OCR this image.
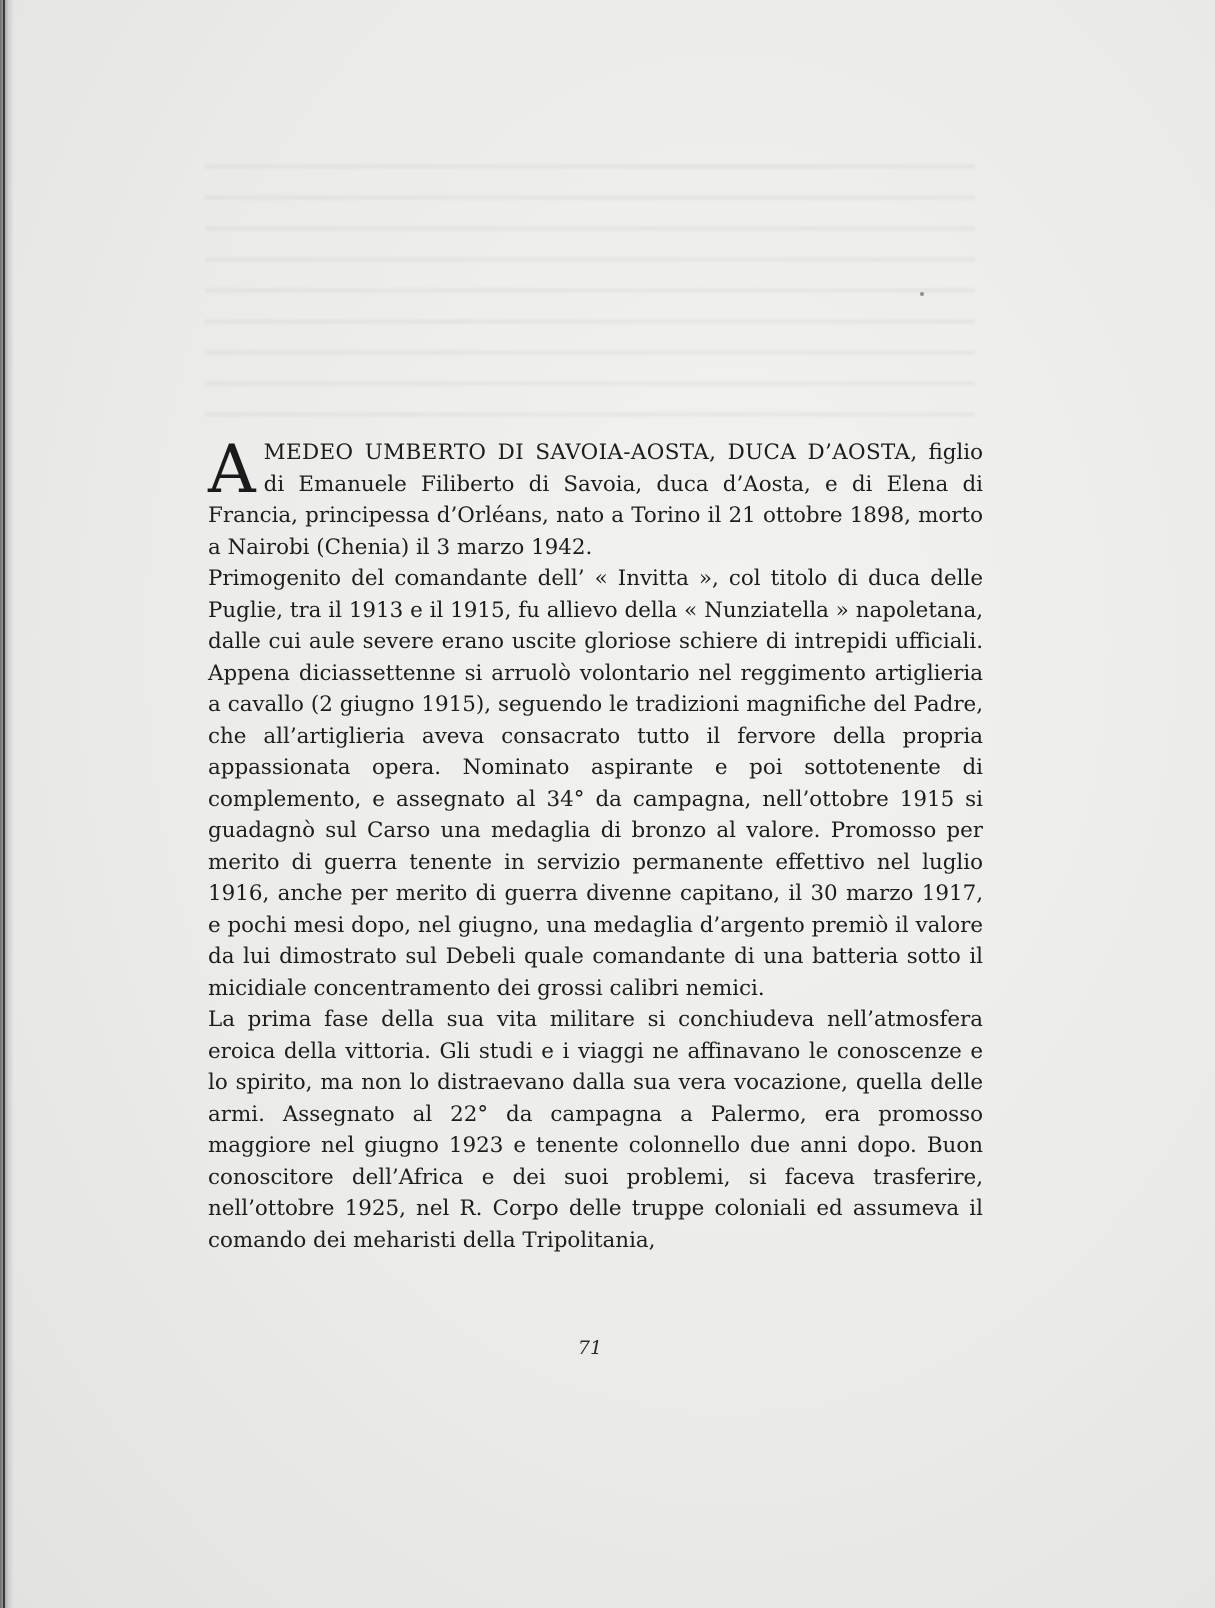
AMEDEO UMBERTO DI SAVOIA-AOSTA, DUCA D’AOSTA, figlio di Emanuele Filiberto di Savoia, duca d’Aosta, e di Elena di Francia, principessa d’Orléans, nato a Torino il 21 ottobre 1898, morto a Nairobi (Chenia) il 3 marzo 1942.

Primogenito del comandante dell’ « Invitta », col titolo di duca delle Puglie, tra il 1913 e il 1915, fu allievo della « Nunziatella » napoletana, dalle cui aule severe erano uscite gloriose schiere di intrepidi ufficiali. Appena diciassettenne si arruolò volontario nel reggimento artiglieria a cavallo (2 giugno 1915), seguendo le tradizioni magnifiche del Padre, che all’artiglieria aveva consacrato tutto il fervore della propria appassionata opera. Nominato aspirante e poi sottotenente di complemento, e assegnato al 34° da campagna, nell’ottobre 1915 si guadagnò sul Carso una medaglia di bronzo al valore. Promosso per merito di guerra tenente in servizio permanente effettivo nel luglio 1916, anche per merito di guerra divenne capitano, il 30 marzo 1917, e pochi mesi dopo, nel giugno, una medaglia d’argento premiò il valore da lui dimostrato sul Debeli quale comandante di una batteria sotto il micidiale concentramento dei grossi calibri nemici.

La prima fase della sua vita militare si conchiudeva nell’atmosfera eroica della vittoria. Gli studi e i viaggi ne affinavano le conoscenze e lo spirito, ma non lo distraevano dalla sua vera vocazione, quella delle armi. Assegnato al 22° da campagna a Palermo, era promosso maggiore nel giugno 1923 e tenente colonnello due anni dopo. Buon conoscitore dell’Africa e dei suoi problemi, si faceva trasferire, nell’ottobre 1925, nel R. Corpo delle truppe coloniali ed assumeva il comando dei meharisti della Tripolitania,

71
